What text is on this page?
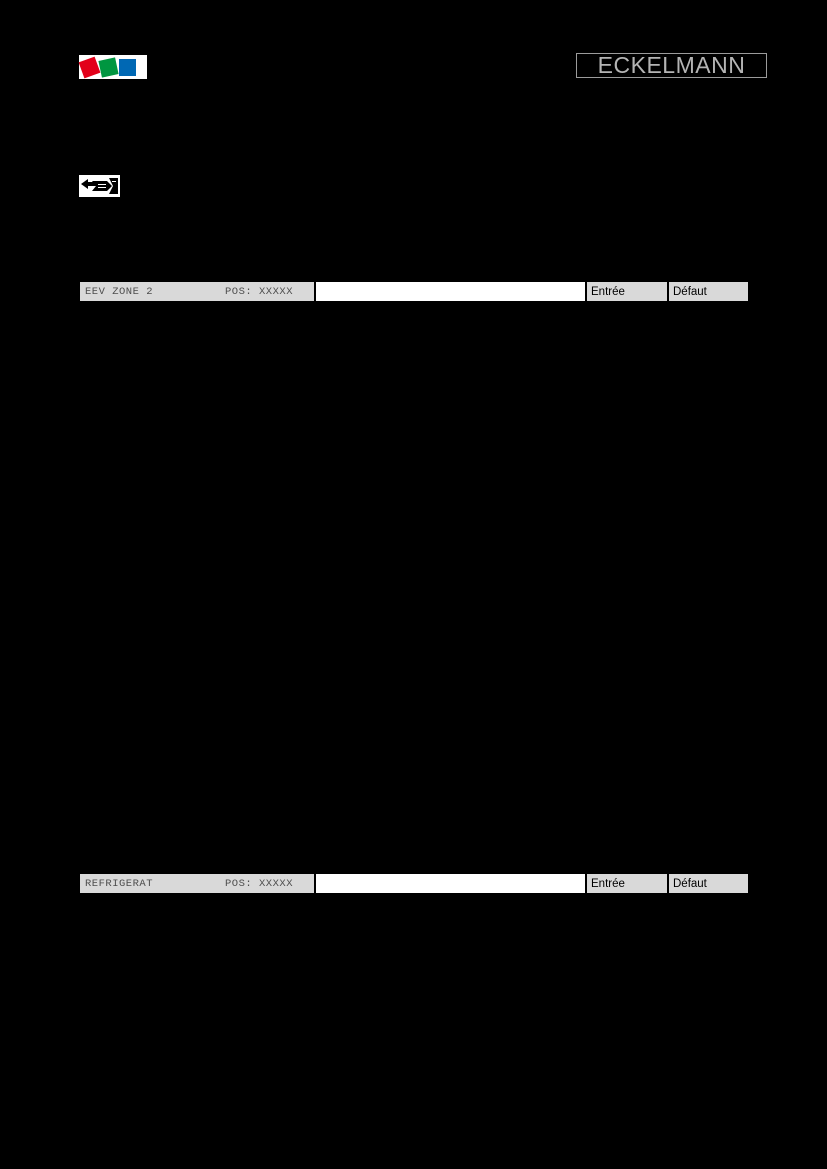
ECKELMANN
EEV ZONE 2	POS: XXXXX	Entrée	Défaut
REFRIGERAT	POS: XXXXX	Entrée	Défaut
